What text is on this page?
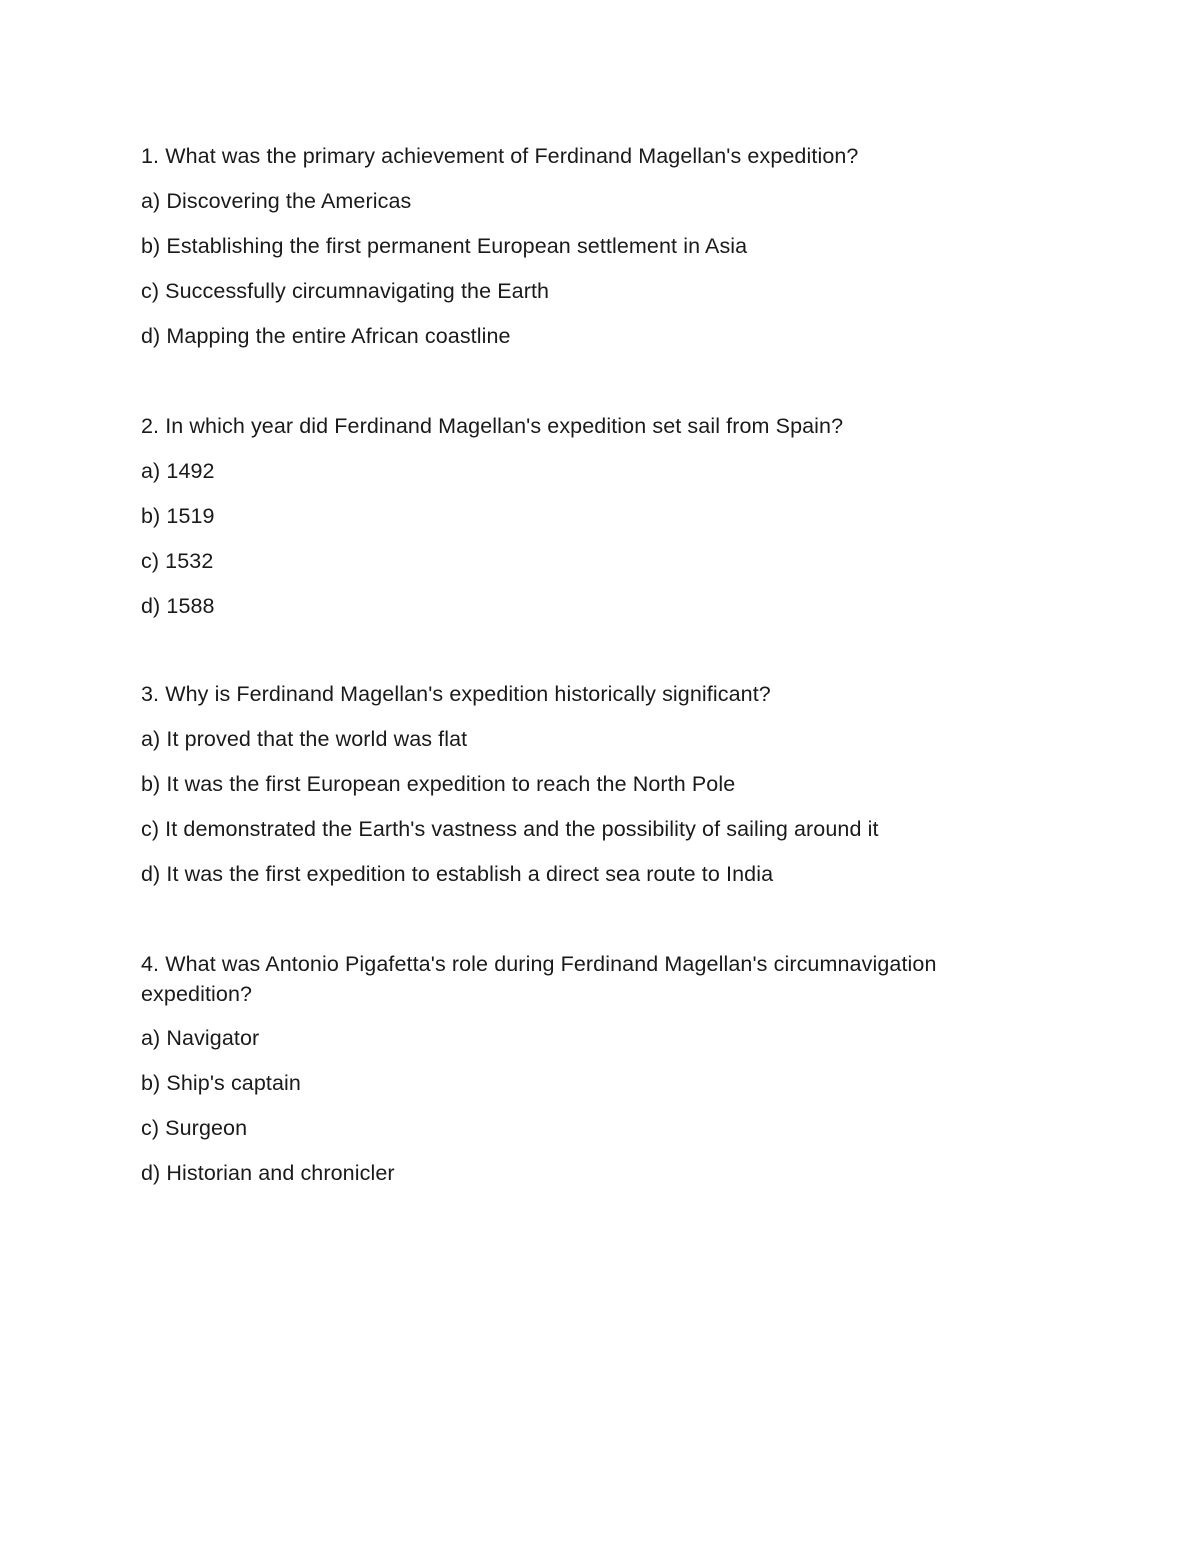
1. What was the primary achievement of Ferdinand Magellan's expedition?

a) Discovering the Americas

b) Establishing the first permanent European settlement in Asia

c) Successfully circumnavigating the Earth

d) Mapping the entire African coastline

2. In which year did Ferdinand Magellan's expedition set sail from Spain?

a) 1492

b) 1519

c) 1532

d) 1588

3. Why is Ferdinand Magellan's expedition historically significant?

a) It proved that the world was flat

b) It was the first European expedition to reach the North Pole

c) It demonstrated the Earth's vastness and the possibility of sailing around it

d) It was the first expedition to establish a direct sea route to India

4. What was Antonio Pigafetta's role during Ferdinand Magellan's circumnavigation expedition?

a) Navigator

b) Ship's captain

c) Surgeon

d) Historian and chronicler
